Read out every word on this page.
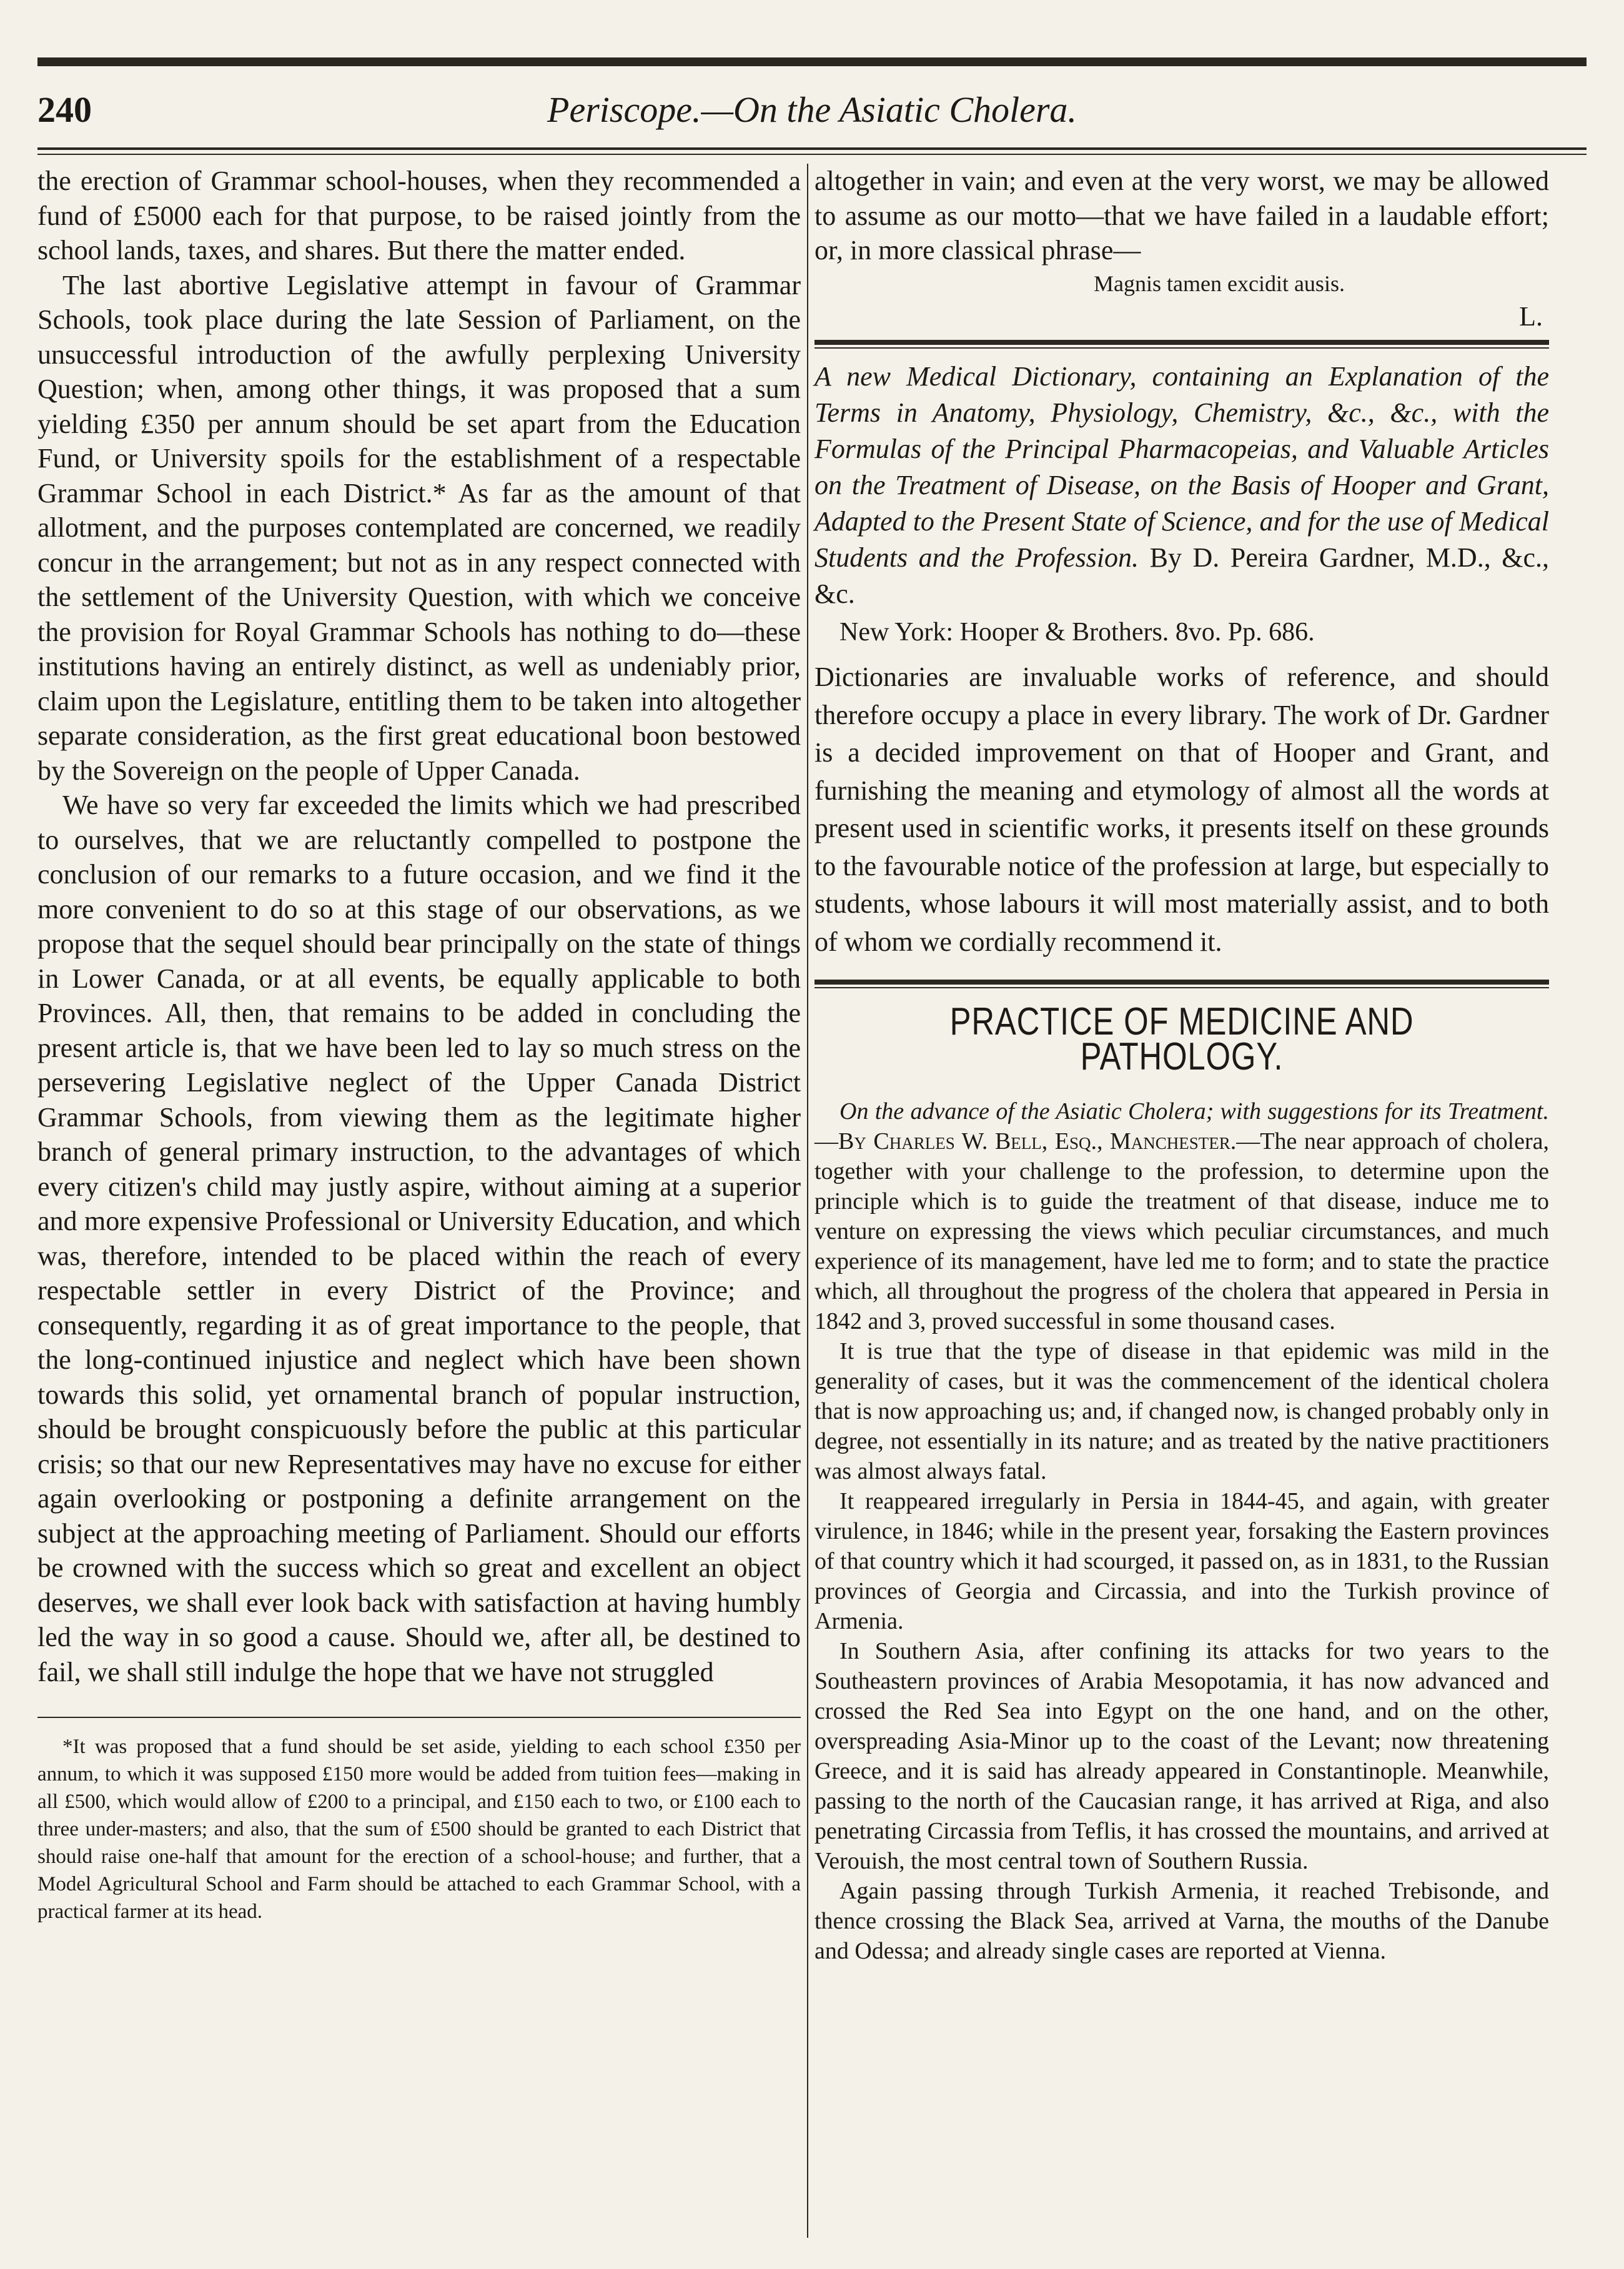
240	Periscope.—On the Asiatic Cholera.

the erection of Grammar school-houses, when they recommended a fund of £5000 each for that purpose, to be raised jointly from the school lands, taxes, and shares. But there the matter ended.

The last abortive Legislative attempt in favour of Grammar Schools, took place during the late Session of Parliament, on the unsuccessful introduction of the awfully perplexing University Question; when, among other things, it was proposed that a sum yielding £350 per annum should be set apart from the Education Fund, or University spoils for the establishment of a respectable Grammar School in each District.* As far as the amount of that allotment, and the purposes contemplated are concerned, we readily concur in the arrangement; but not as in any respect connected with the settlement of the University Question, with which we conceive the provision for Royal Grammar Schools has nothing to do—these institutions having an entirely distinct, as well as undeniably prior, claim upon the Legislature, entitling them to be taken into altogether separate consideration, as the first great educational boon bestowed by the Sovereign on the people of Upper Canada.

We have so very far exceeded the limits which we had prescribed to ourselves, that we are reluctantly compelled to postpone the conclusion of our remarks to a future occasion, and we find it the more convenient to do so at this stage of our observations, as we propose that the sequel should bear principally on the state of things in Lower Canada, or at all events, be equally applicable to both Provinces. All, then, that remains to be added in concluding the present article is, that we have been led to lay so much stress on the persevering Legislative neglect of the Upper Canada District Grammar Schools, from viewing them as the legitimate higher branch of general primary instruction, to the advantages of which every citizen's child may justly aspire, without aiming at a superior and more expensive Professional or University Education, and which was, therefore, intended to be placed within the reach of every respectable settler in every District of the Province; and consequently, regarding it as of great importance to the people, that the long-continued injustice and neglect which have been shown towards this solid, yet ornamental branch of popular instruction, should be brought conspicuously before the public at this particular crisis; so that our new Representatives may have no excuse for either again overlooking or postponing a definite arrangement on the subject at the approaching meeting of Parliament. Should our efforts be crowned with the success which so great and excellent an object deserves, we shall ever look back with satisfaction at having humbly led the way in so good a cause. Should we, after all, be destined to fail, we shall still indulge the hope that we have not struggled

*It was proposed that a fund should be set aside, yielding to each school £350 per annum, to which it was supposed £150 more would be added from tuition fees—making in all £500, which would allow of £200 to a principal, and £150 each to two, or £100 each to three under-masters; and also, that the sum of £500 should be granted to each District that should raise one-half that amount for the erection of a school-house; and further, that a Model Agricultural School and Farm should be attached to each Grammar School, with a practical farmer at its head.

altogether in vain; and even at the very worst, we may be allowed to assume as our motto—that we have failed in a laudable effort; or, in more classical phrase—

Magnis tamen excidit ausis.
L.
A new Medical Dictionary, containing an Explanation of the Terms in Anatomy, Physiology, Chemistry, &c., &c., with the Formulas of the Principal Pharmacopeias, and Valuable Articles on the Treatment of Disease, on the Basis of Hooper and Grant, Adapted to the Present State of Science, and for the use of Medical Students and the Profession. By D. Pereira Gardner, M.D., &c., &c.
New York: Hooper & Brothers. 8vo. Pp. 686.

Dictionaries are invaluable works of reference, and should therefore occupy a place in every library. The work of Dr. Gardner is a decided improvement on that of Hooper and Grant, and furnishing the meaning and etymology of almost all the words at present used in scientific works, it presents itself on these grounds to the favourable notice of the profession at large, but especially to students, whose labours it will most materially assist, and to both of whom we cordially recommend it.

PRACTICE OF MEDICINE AND PATHOLOGY.

On the advance of the Asiatic Cholera; with suggestions for its Treatment.—By Charles W. Bell, Esq., Manchester.—The near approach of cholera, together with your challenge to the profession, to determine upon the principle which is to guide the treatment of that disease, induce me to venture on expressing the views which peculiar circumstances, and much experience of its management, have led me to form; and to state the practice which, all throughout the progress of the cholera that appeared in Persia in 1842 and 3, proved successful in some thousand cases.

It is true that the type of disease in that epidemic was mild in the generality of cases, but it was the commencement of the identical cholera that is now approaching us; and, if changed now, is changed probably only in degree, not essentially in its nature; and as treated by the native practitioners was almost always fatal.

It reappeared irregularly in Persia in 1844-45, and again, with greater virulence, in 1846; while in the present year, forsaking the Eastern provinces of that country which it had scourged, it passed on, as in 1831, to the Russian provinces of Georgia and Circassia, and into the Turkish province of Armenia.

In Southern Asia, after confining its attacks for two years to the Southeastern provinces of Arabia Mesopotamia, it has now advanced and crossed the Red Sea into Egypt on the one hand, and on the other, overspreading Asia-Minor up to the coast of the Levant; now threatening Greece, and it is said has already appeared in Constantinople. Meanwhile, passing to the north of the Caucasian range, it has arrived at Riga, and also penetrating Circassia from Teflis, it has crossed the mountains, and arrived at Verouish, the most central town of Southern Russia.

Again passing through Turkish Armenia, it reached Trebisonde, and thence crossing the Black Sea, arrived at Varna, the mouths of the Danube and Odessa; and already single cases are reported at Vienna.
